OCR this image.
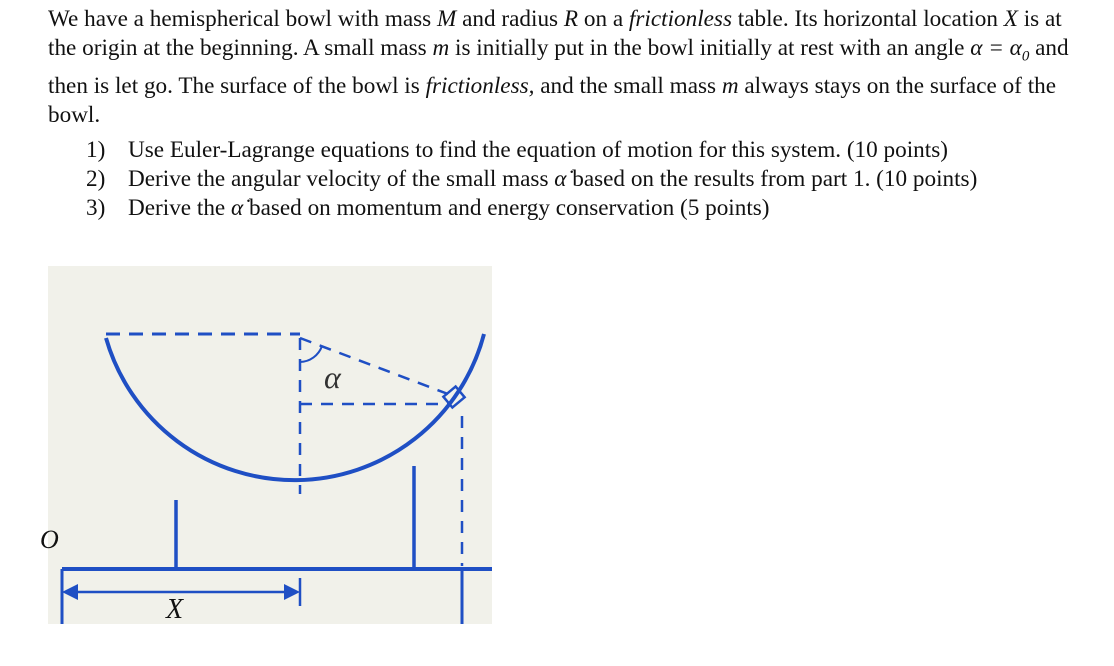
We have a hemispherical bowl with mass M and radius R on a frictionless table. Its horizontal location X is at the origin at the beginning. A small mass m is initially put in the bowl initially at rest with an angle $\alpha = \alpha_0$ and then is let go. The surface of the bowl is frictionless, and the small mass m always stays on the surface of the bowl.
1) Use Euler-Lagrange equations to find the equation of motion for this system. (10 points)
2) Derive the angular velocity of the small mass α̇ based on the results from part 1. (10 points)
3) Derive the α̇ based on momentum and energy conservation (5 points)
α
O
X
